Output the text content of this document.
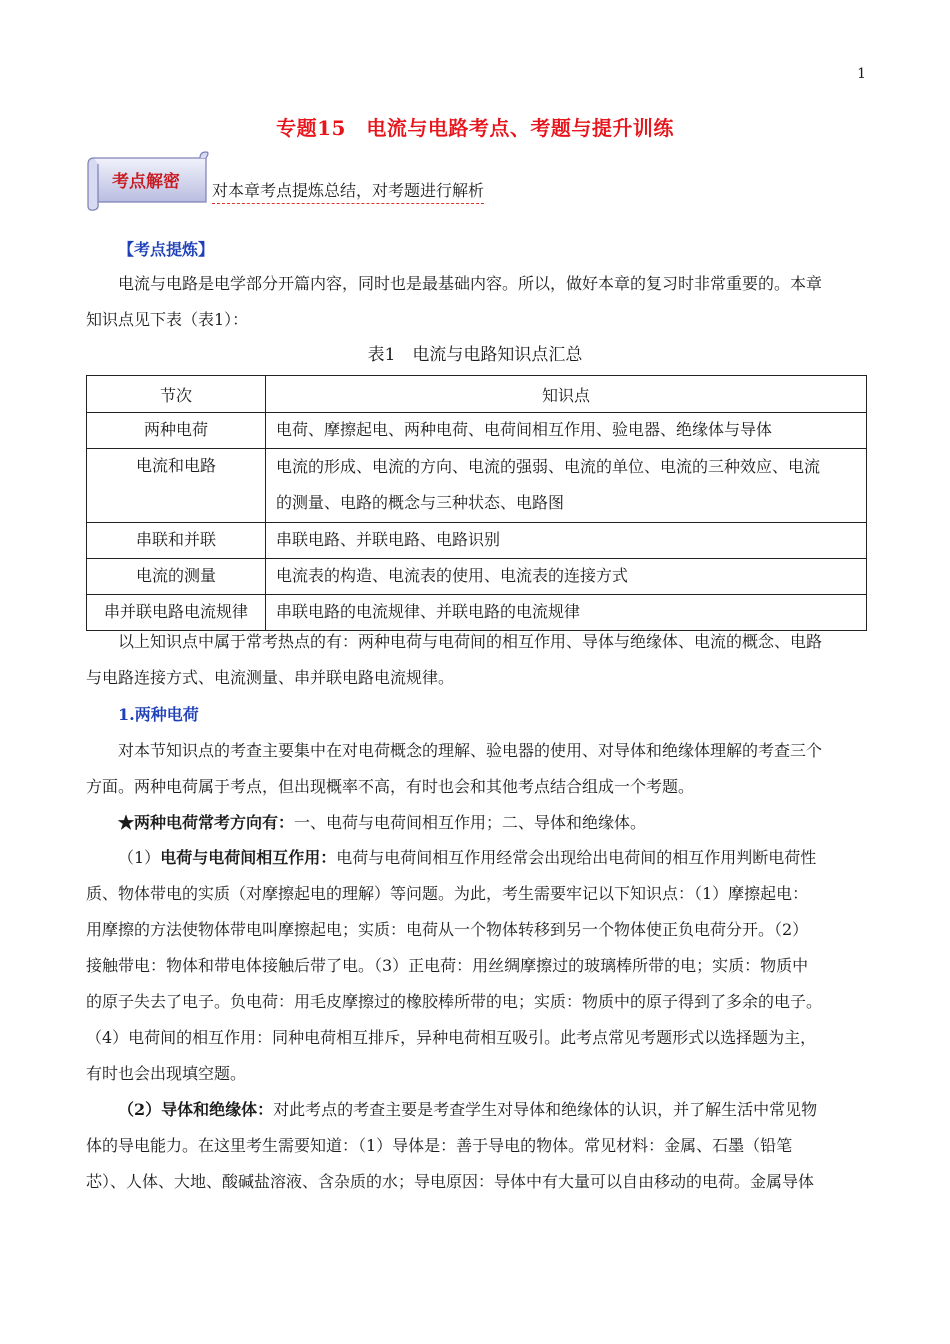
1
专题15　电流与电路考点、考题与提升训练
考点解密 对本章考点提炼总结，对考题进行解析
【考点提炼】
电流与电路是电学部分开篇内容，同时也是最基础内容。所以，做好本章的复习时非常重要的。本章
知识点见下表（表1）：
表1　电流与电路知识点汇总
节次	知识点
两种电荷	电荷、摩擦起电、两种电荷、电荷间相互作用、验电器、绝缘体与导体
电流和电路	电流的形成、电流的方向、电流的强弱、电流的单位、电流的三种效应、电流
的测量、电路的概念与三种状态、电路图

串联和并联	串联电路、并联电路、电路识别
电流的测量	电流表的构造、电流表的使用、电流表的连接方式
串并联电路电流规律	串联电路的电流规律、并联电路的电流规律
以上知识点中属于常考热点的有：两种电荷与电荷间的相互作用、导体与绝缘体、电流的概念、电路
与电路连接方式、电流测量、串并联电路电流规律。
1.两种电荷
对本节知识点的考查主要集中在对电荷概念的理解、验电器的使用、对导体和绝缘体理解的考查三个
方面。两种电荷属于考点，但出现概率不高，有时也会和其他考点结合组成一个考题。
★两种电荷常考方向有：一、电荷与电荷间相互作用；二、导体和绝缘体。
（1）电荷与电荷间相互作用：电荷与电荷间相互作用经常会出现给出电荷间的相互作用判断电荷性
质、物体带电的实质（对摩擦起电的理解）等问题。为此，考生需要牢记以下知识点：（1）摩擦起电：
用摩擦的方法使物体带电叫摩擦起电；实质：电荷从一个物体转移到另一个物体使正负电荷分开。（2）
接触带电：物体和带电体接触后带了电。（3）正电荷：用丝绸摩擦过的玻璃棒所带的电；实质：物质中
的原子失去了电子。负电荷：用毛皮摩擦过的橡胶棒所带的电；实质：物质中的原子得到了多余的电子。
（4）电荷间的相互作用：同种电荷相互排斥，异种电荷相互吸引。此考点常见考题形式以选择题为主，
有时也会出现填空题。
（2）导体和绝缘体：对此考点的考查主要是考查学生对导体和绝缘体的认识，并了解生活中常见物
体的导电能力。在这里考生需要知道：（1）导体是：善于导电的物体。常见材料：金属、石墨（铅笔
芯）、人体、大地、酸碱盐溶液、含杂质的水；导电原因：导体中有大量可以自由移动的电荷。金属导体
